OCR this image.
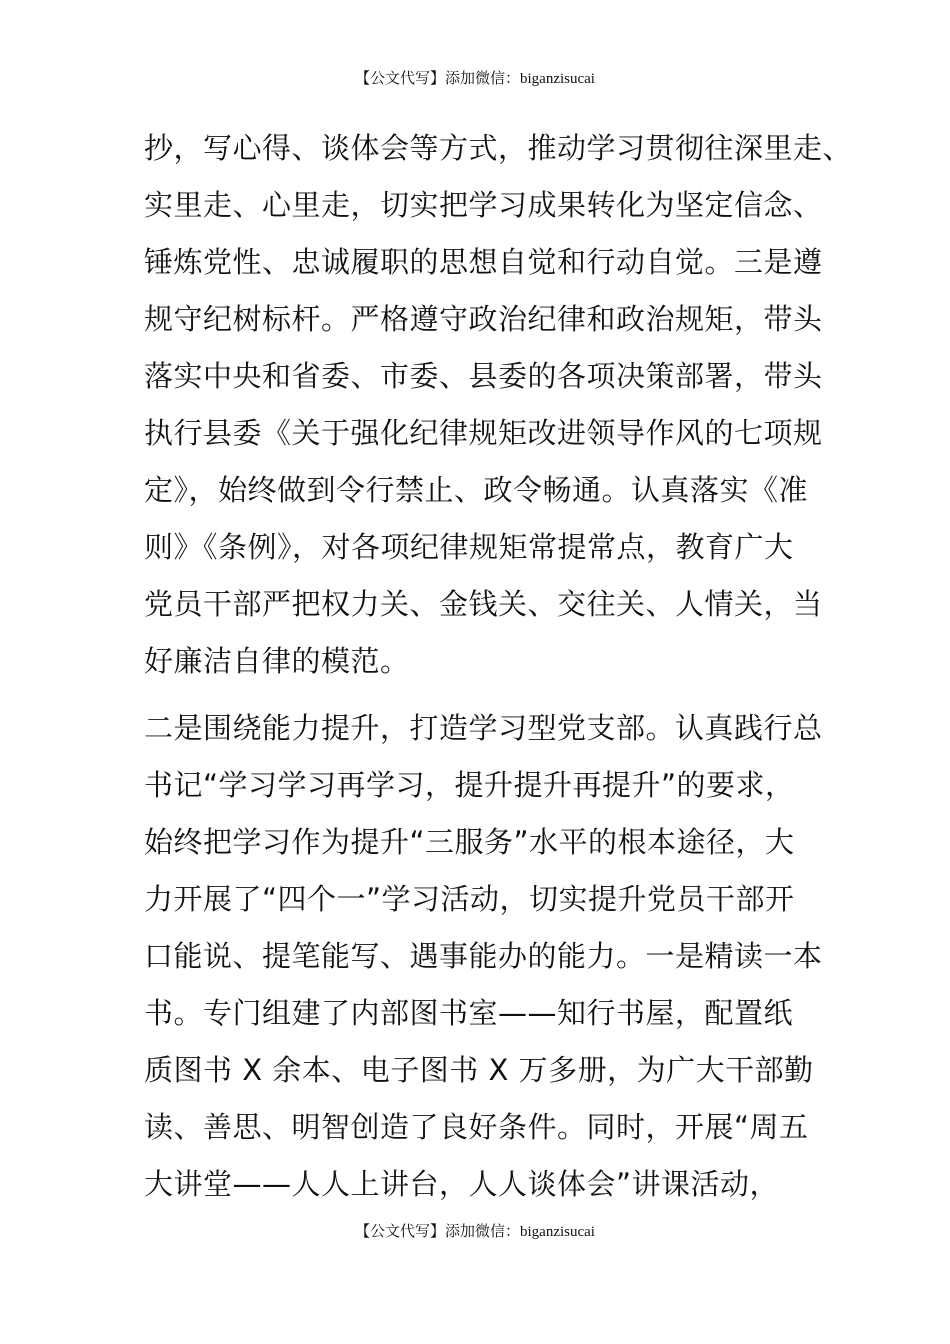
【公文代写】添加微信：biganzisucai
抄，写心得、谈体会等方式，推动学习贯彻往深里走、
实里走、心里走，切实把学习成果转化为坚定信念、
锤炼党性、忠诚履职的思想自觉和行动自觉。三是遵
规守纪树标杆。严格遵守政治纪律和政治规矩，带头
落实中央和省委、市委、县委的各项决策部署，带头
执行县委《关于强化纪律规矩改进领导作风的七项规
定》，始终做到令行禁止、政令畅通。认真落实《准
则》《条例》，对各项纪律规矩常提常点，教育广大
党员干部严把权力关、金钱关、交往关、人情关，当
好廉洁自律的模范。
二是围绕能力提升，打造学习型党支部。认真践行总
书记“学习学习再学习，提升提升再提升”的要求，
始终把学习作为提升“三服务”水平的根本途径，大
力开展了“四个一”学习活动，切实提升党员干部开
口能说、提笔能写、遇事能办的能力。一是精读一本
书。专门组建了内部图书室——知行书屋，配置纸
质图书 X 余本、电子图书 X 万多册，为广大干部勤
读、善思、明智创造了良好条件。同时，开展“周五
大讲堂——人人上讲台，人人谈体会”讲课活动，
【公文代写】添加微信：biganzisucai
